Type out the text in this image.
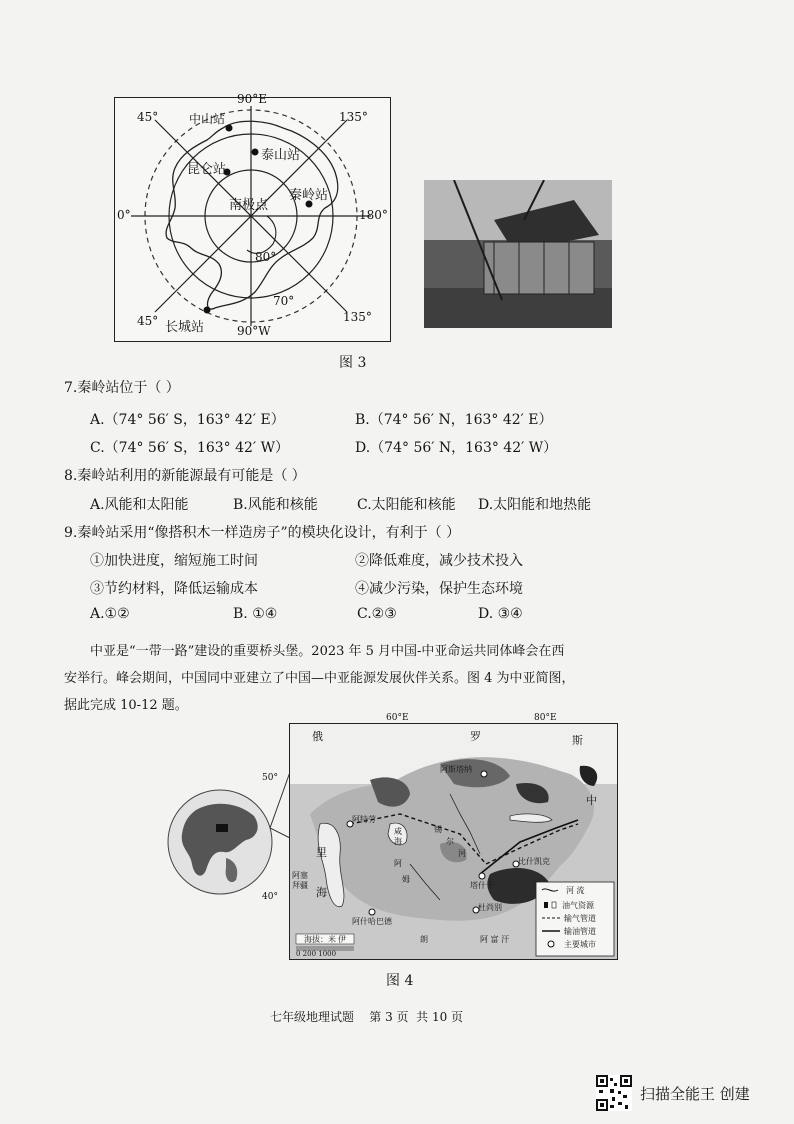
90°E
90°W
0°	180°
45°	135°
45°	135°
80°
70°
中山站
泰山站
昆仑站
南极点
秦岭站
长城站
图 3
7.秦岭站位于（ ）
A.（74° 56′ S，163° 42′ E）	B.（74° 56′ N，163° 42′ E）
C.（74° 56′ S，163° 42′ W）	D.（74° 56′ N，163° 42′ W）
8.秦岭站利用的新能源最有可能是（ ）
A.风能和太阳能	B.风能和核能	C.太阳能和核能 D.太阳能和地热能
9.秦岭站采用“像搭积木一样造房子”的模块化设计，有利于（ ）
①加快进度，缩短施工时间	②降低难度，减少技术投入
③节约材料，降低运输成本	④减少污染，保护生态环境
A.①②	B. ①④	C.②③	D. ③④
中亚是“一带一路”建设的重要桥头堡。2023 年 5 月中国-中亚命运共同体峰会在西
安举行。峰会期间，中国同中亚建立了中国—中亚能源发展伙伴关系。图 4 为中亚简图，
据此完成 10-12 题。
60°E	80°E
50°
40°
俄	罗	斯
阿斯塔纳
阿特劳
塔什干
比什凯克
杜尚别
阿什哈巴德
中
阿 富 汗
伊	朗
里
海
咸
海
阿
姆
锡
尔
河
阿塞
拜疆
河 流
油气资源
输气管道
输油管道
主要城市
海拔：米
0 200 1000
图 4
七年级地理试题    第 3 页  共 10 页
扫描全能王 创建
